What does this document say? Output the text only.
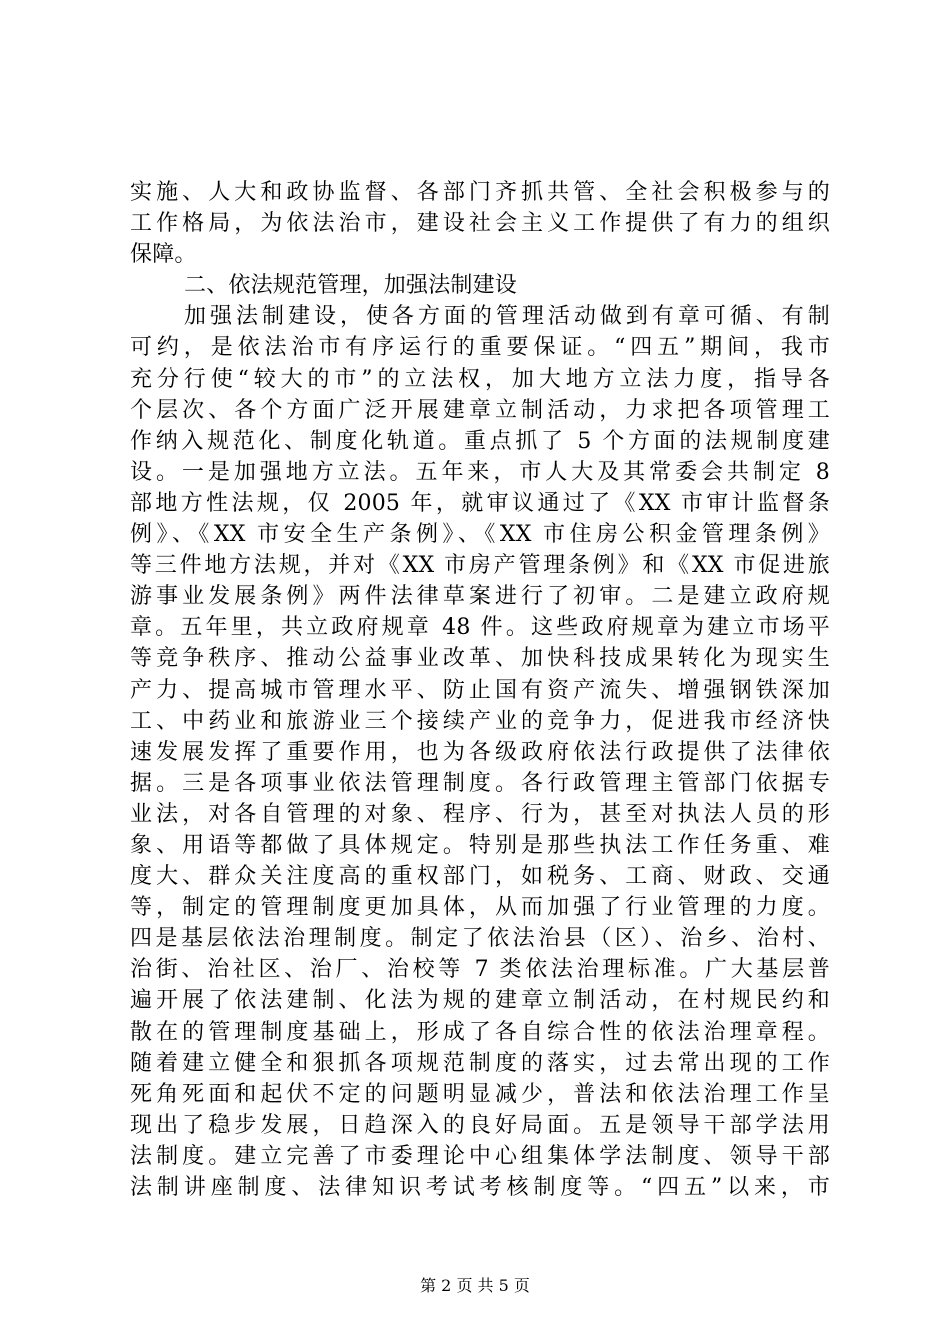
实施、人大和政协监督、各部门齐抓共管、全社会积极参与的
工作格局，为依法治市，建设社会主义工作提供了有力的组织
保障。
二、依法规范管理，加强法制建设
加强法制建设，使各方面的管理活动做到有章可循、有制
可约，是依法治市有序运行的重要保证。“四五”期间，我市
充分行使“较大的市”的立法权，加大地方立法力度，指导各
个层次、各个方面广泛开展建章立制活动，力求把各项管理工
作纳入规范化、制度化轨道。重点抓了 5 个方面的法规制度建
设。一是加强地方立法。五年来，市人大及其常委会共制定 8
部地方性法规，仅 2005 年，就审议通过了《XX 市审计监督条
例》、《XX 市安全生产条例》、《XX 市住房公积金管理条例》
等三件地方法规，并对《XX 市房产管理条例》和《XX 市促进旅
游事业发展条例》两件法律草案进行了初审。二是建立政府规
章。五年里，共立政府规章 48 件。这些政府规章为建立市场平
等竞争秩序、推动公益事业改革、加快科技成果转化为现实生
产力、提高城市管理水平、防止国有资产流失、增强钢铁深加
工、中药业和旅游业三个接续产业的竞争力，促进我市经济快
速发展发挥了重要作用，也为各级政府依法行政提供了法律依
据。三是各项事业依法管理制度。各行政管理主管部门依据专
业法，对各自管理的对象、程序、行为，甚至对执法人员的形
象、用语等都做了具体规定。特别是那些执法工作任务重、难
度大、群众关注度高的重权部门，如税务、工商、财政、交通
等，制定的管理制度更加具体，从而加强了行业管理的力度。
四是基层依法治理制度。制定了依法治县（区）、治乡、治村、
治街、治社区、治厂、治校等 7 类依法治理标准。广大基层普
遍开展了依法建制、化法为规的建章立制活动，在村规民约和
散在的管理制度基础上，形成了各自综合性的依法治理章程。
随着建立健全和狠抓各项规范制度的落实，过去常出现的工作
死角死面和起伏不定的问题明显减少，普法和依法治理工作呈
现出了稳步发展，日趋深入的良好局面。五是领导干部学法用
法制度。建立完善了市委理论中心组集体学法制度、领导干部
法制讲座制度、法律知识考试考核制度等。“四五”以来，市
第 2 页 共 5 页
